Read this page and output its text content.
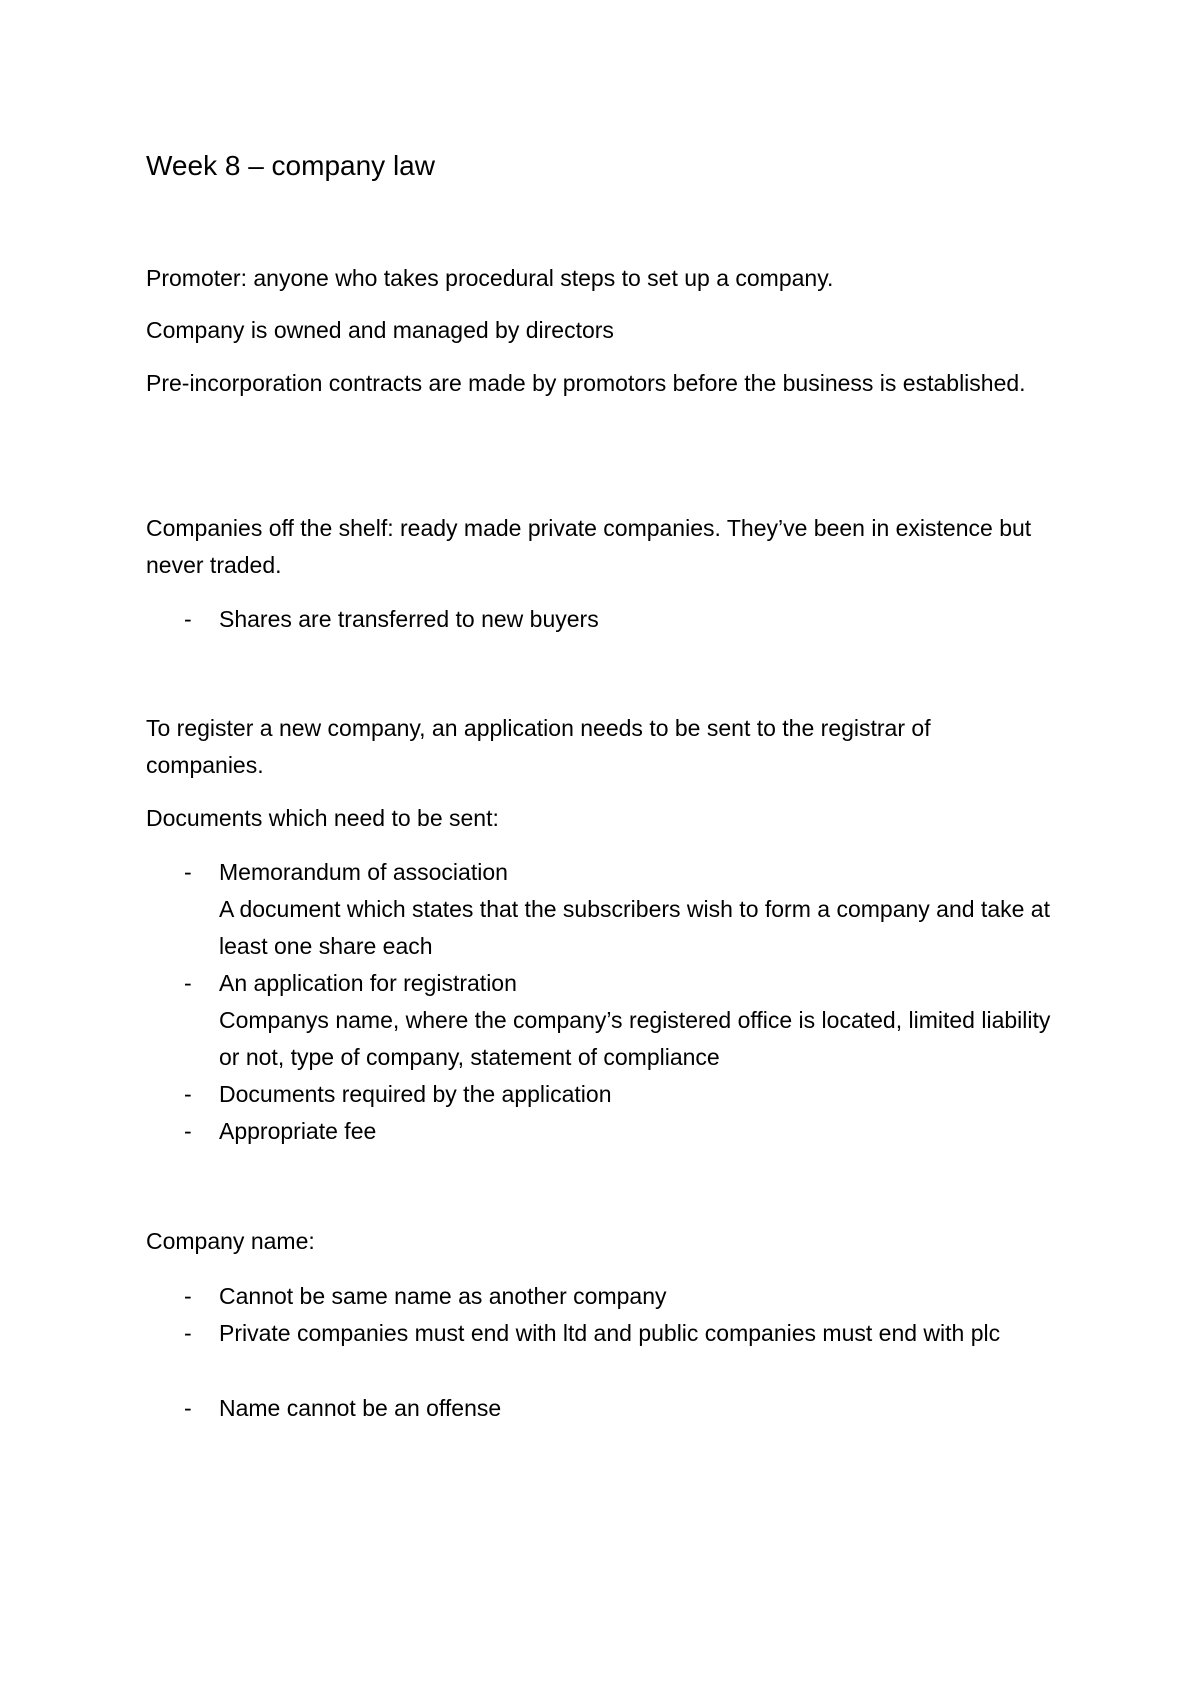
Week 8 – company law

Promoter: anyone who takes procedural steps to set up a company.

Company is owned and managed by directors

Pre-incorporation contracts are made by promotors before the business is established.

Companies off the shelf: ready made private companies. They’ve been in existence but never traded.

- Shares are transferred to new buyers

To register a new company, an application needs to be sent to the registrar of companies.

Documents which need to be sent:

- Memorandum of association
A document which states that the subscribers wish to form a company and take at least one share each
- An application for registration
Companys name, where the company’s registered office is located, limited liability or not, type of company, statement of compliance
- Documents required by the application
- Appropriate fee

Company name:

- Cannot be same name as another company
- Private companies must end with ltd and public companies must end with plc
- Name cannot be an offense
